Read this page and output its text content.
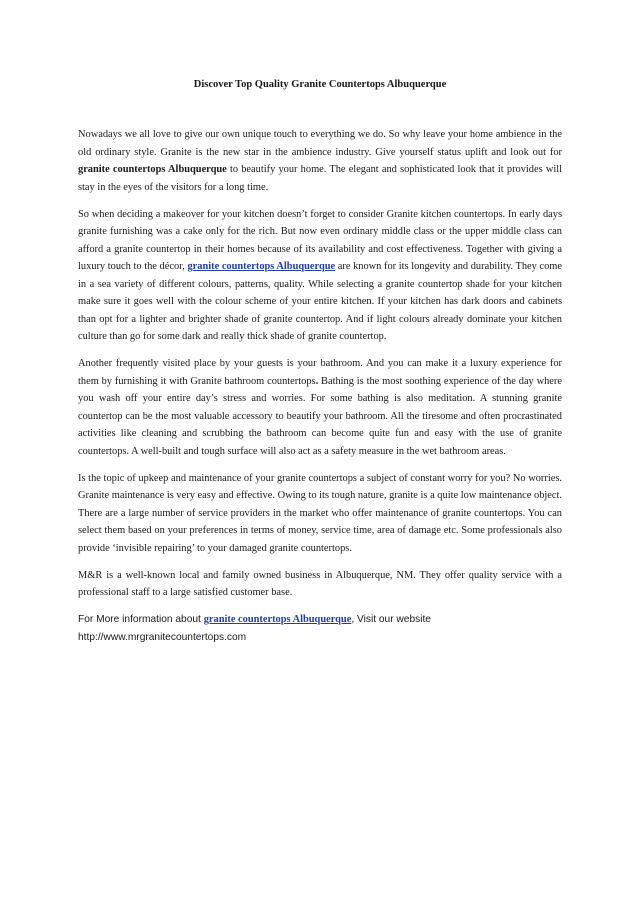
Discover Top Quality Granite Countertops Albuquerque

Nowadays we all love to give our own unique touch to everything we do. So why leave your home ambience in the old ordinary style. Granite is the new star in the ambience industry. Give yourself status uplift and look out for granite countertops Albuquerque to beautify your home. The elegant and sophisticated look that it provides will stay in the eyes of the visitors for a long time.

So when deciding a makeover for your kitchen doesn’t forget to consider Granite kitchen countertops. In early days granite furnishing was a cake only for the rich. But now even ordinary middle class or the upper middle class can afford a granite countertop in their homes because of its availability and cost effectiveness. Together with giving a luxury touch to the décor, granite countertops Albuquerque are known for its longevity and durability. They come in a sea variety of different colours, patterns, quality. While selecting a granite countertop shade for your kitchen make sure it goes well with the colour scheme of your entire kitchen. If your kitchen has dark doors and cabinets than opt for a lighter and brighter shade of granite countertop. And if light colours already dominate your kitchen culture than go for some dark and really thick shade of granite countertop.

Another frequently visited place by your guests is your bathroom. And you can make it a luxury experience for them by furnishing it with Granite bathroom countertops. Bathing is the most soothing experience of the day where you wash off your entire day’s stress and worries. For some bathing is also meditation. A stunning granite countertop can be the most valuable accessory to beautify your bathroom. All the tiresome and often procrastinated activities like cleaning and scrubbing the bathroom can become quite fun and easy with the use of granite countertops. A well-built and tough surface will also act as a safety measure in the wet bathroom areas.

Is the topic of upkeep and maintenance of your granite countertops a subject of constant worry for you? No worries. Granite maintenance is very easy and effective. Owing to its tough nature, granite is a quite low maintenance object. There are a large number of service providers in the market who offer maintenance of granite countertops. You can select them based on your preferences in terms of money, service time, area of damage etc. Some professionals also provide ‘invisible repairing’ to your damaged granite countertops.

M&R is a well-known local and family owned business in Albuquerque, NM. They offer quality service with a professional staff to a large satisfied customer base.

For More information about granite countertops Albuquerque, Visit our website

http://www.mrgranitecountertops.com
